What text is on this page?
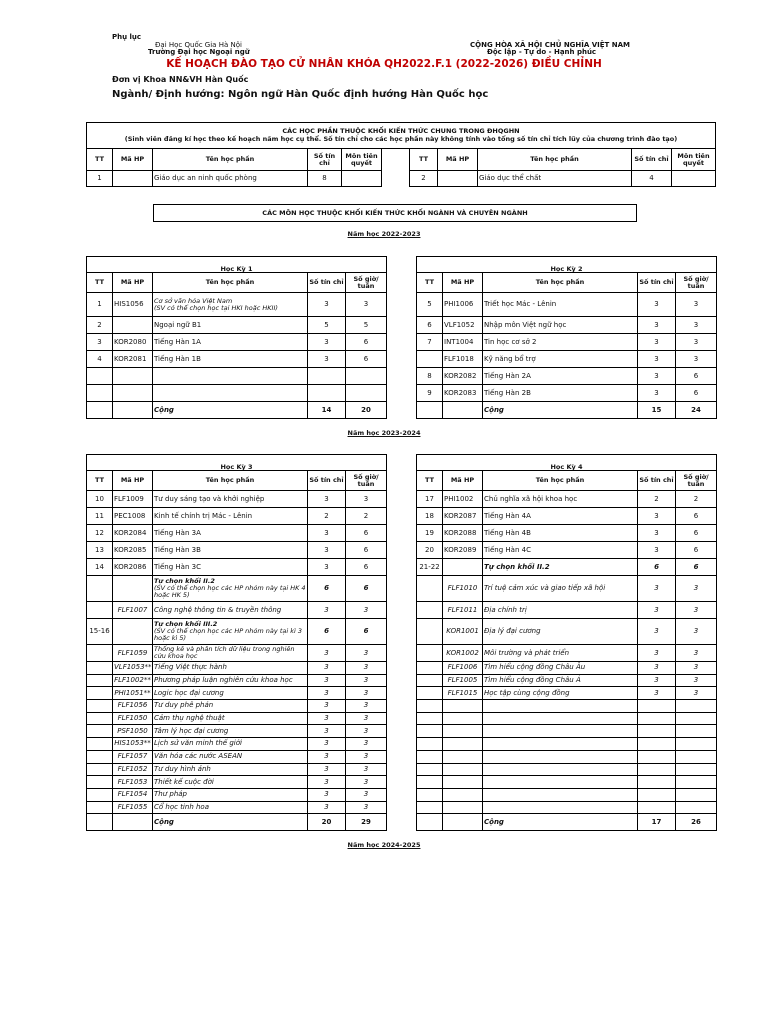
Phụ lục
Đại Học Quốc Gia Hà Nội
Trường Đại học Ngoại ngữ
CỘNG HÒA XÃ HỘI CHỦ NGHĨA VIỆT NAM
Độc lập - Tự do - Hạnh phúc
KẾ HOẠCH ĐÀO TẠO CỬ NHÂN KHÓA QH2022.F.1 (2022-2026) ĐIỀU CHỈNH
Đơn vị Khoa NN&VH Hàn Quốc
Ngành/ Định hướng: Ngôn ngữ Hàn Quốc định hướng Hàn Quốc học
CÁC HỌC PHẦN THUỘC KHỐI KIẾN THỨC CHUNG TRONG ĐHQGHN
(Sinh viên đăng kí học theo kế hoạch năm học cụ thể. Số tín chỉ cho các học phần này không tính vào tổng số tín chỉ tích lũy của chương trình đào tạo)										

TT	Mã HP	Tên học phần	Số tín chỉ	Môn tiên quyết		TT	Mã HP	Tên học phần	Số tín chỉ	Môn tiên quyết
1		Giáo dục an ninh quốc phòng	8			2		Giáo dục thể chất	4	
CÁC MÔN HỌC THUỘC KHỐI KIẾN THỨC KHỐI NGÀNH VÀ CHUYÊN NGÀNH
Năm học 2022-2023
Học Kỳ 1				
TT	Mã HP	Tên học phần	Số tín chỉ	Số giờ/ tuần
1	HIS1056	Cơ sở văn hóa Việt Nam
(SV có thể chọn học tại HKI hoặc HKII)	3	3
2		Ngoại ngữ B1	5	5
3	KOR2080	Tiếng Hàn 1A	3	6
4	KOR2081	Tiếng Hàn 1B	3	6

		Cộng	14	20
Học Kỳ 2				
TT	Mã HP	Tên học phần	Số tín chỉ	Số giờ/ tuần
5	PHI1006	Triết học Mác - Lênin	3	3
6	VLF1052	Nhập môn Việt ngữ học	3	3
7	INT1004	Tin học cơ sở 2	3	3
	FLF1018	Kỹ năng bổ trợ	3	3
8	KOR2082	Tiếng Hàn 2A	3	6
9	KOR2083	Tiếng Hàn 2B	3	6
		Cộng	15	24
Học Kỳ 3				
TT	Mã HP	Tên học phần	Số tín chỉ	Số giờ/ tuần
10	FLF1009	Tư duy sáng tạo và khởi nghiệp	3	3
11	PEC1008	Kinh tế chính trị Mác - Lênin	2	2
12	KOR2084	Tiếng Hàn 3A	3	6
13	KOR2085	Tiếng Hàn 3B	3	6
14	KOR2086	Tiếng Hàn 3C	3	6

		Tự chọn khối II.2
(SV có thể chọn học các HP nhóm này tại HK 4 hoặc HK 5)	6	6
	FLF1007	Công nghệ thông tin & truyền thông	3	3
15-16		Tự chọn khối III.2
(SV có thể chọn học các HP nhóm này tại kì 3 hoặc kì 5)	6	6
	FLF1059	Thống kê và phân tích dữ liệu trong nghiên cứu khoa học	3	3
	VLF1053**	Tiếng Việt thực hành	3	3
	FLF1002**	Phương pháp luận nghiên cứu khoa học	3	3
	PHI1051**	Logic học đại cương	3	3
	FLF1056	Tư duy phê phán	3	3
	FLF1050	Cảm thụ nghệ thuật	3	3
	PSF1050	Tâm lý học đại cương	3	3
	HIS1053**	Lịch sử văn minh thế giới	3	3
	FLF1057	Văn hóa các nước ASEAN	3	3
	FLF1052	Tư duy hình ảnh	3	3
	FLF1053	Thiết kế cuộc đời	3	3
	FLF1054	Thư pháp	3	3
	FLF1055	Cổ học tinh hoa	3	3
		Cộng	20	29
Học Kỳ 4				
TT	Mã HP	Tên học phần	Số tín chỉ	Số giờ/ tuần
17	PHI1002	Chủ nghĩa xã hội khoa học	2	2
18	KOR2087	Tiếng Hàn 4A	3	6
19	KOR2088	Tiếng Hàn 4B	3	6
20	KOR2089	Tiếng Hàn 4C	3	6
21-22		Tự chọn khối II.2	6	6
	FLF1010	Trí tuệ cảm xúc và giao tiếp xã hội	3	3
	FLF1011	Địa chính trị	3	3
	KOR1001	Địa lý đại cương	3	3
	KOR1002	Môi trường và phát triển	3	3
	FLF1006	Tìm hiểu cộng đồng Châu Âu	3	3
	FLF1005	Tìm hiểu cộng đồng Châu Á	3	3
	FLF1015	Học tập cùng cộng đồng	3	3

		Cộng	17	26
Năm học 2023-2024
Năm học 2024-2025
